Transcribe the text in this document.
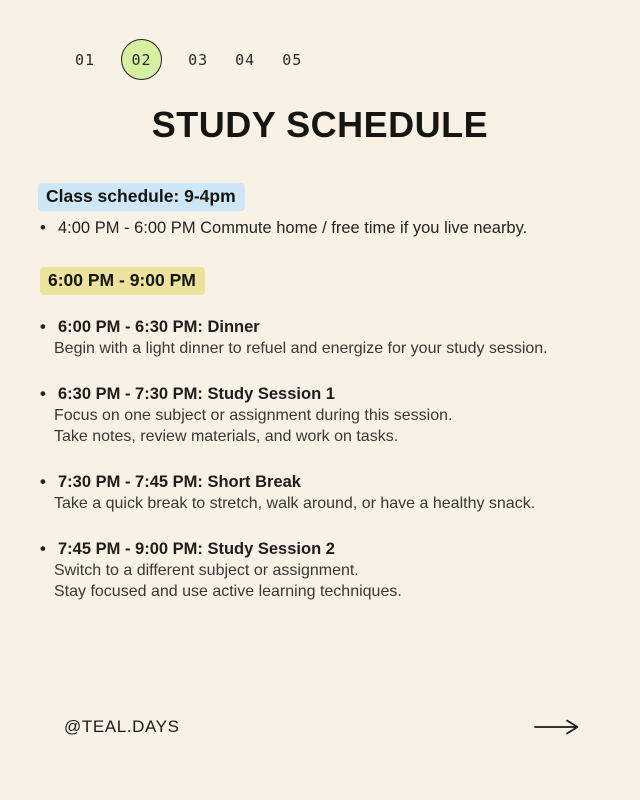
01	02	03 04 05
STUDY SCHEDULE
Class schedule: 9-4pm
•
4:00 PM - 6:00 PM Commute home / free time if you live nearby.
6:00 PM - 9:00 PM
•
6:00 PM - 6:30 PM: Dinner
Begin with a light dinner to refuel and energize for your study session.
•
6:30 PM - 7:30 PM: Study Session 1
Focus on one subject or assignment during this session.
Take notes, review materials, and work on tasks.
•
7:30 PM - 7:45 PM: Short Break
Take a quick break to stretch, walk around, or have a healthy snack.
•
7:45 PM - 9:00 PM: Study Session 2
Switch to a different subject or assignment.
Stay focused and use active learning techniques.
@TEAL.DAYS
